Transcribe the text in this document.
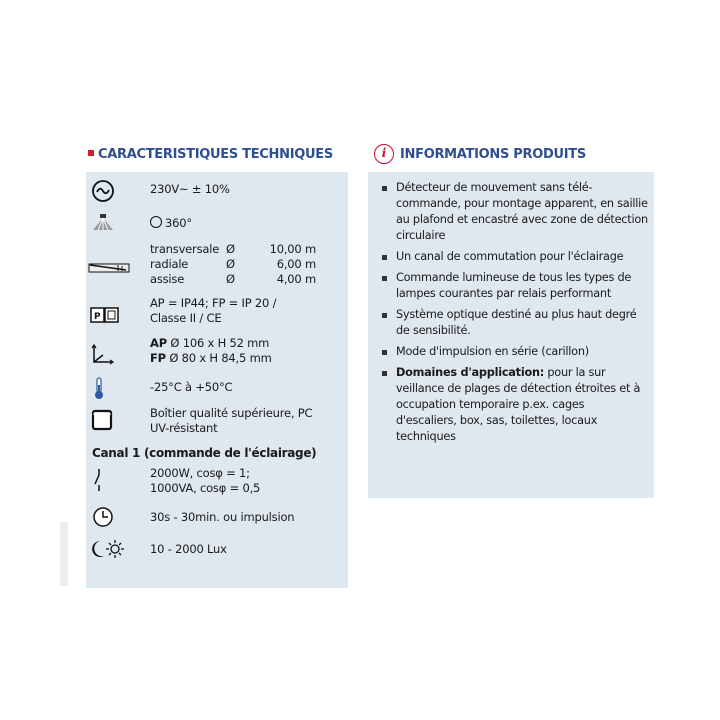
CARACTERISTIQUES TECHNIQUES	i	INFORMATIONS PRODUITS
230V~ ± 10%
360°
transversale Ø	10,00 m
radiale	Ø	6,00 m
assise	Ø	4,00 m
P
AP = IP44; FP = IP 20 /
Classe II / CE
AP Ø 106 x H 52 mm
FP Ø 80 x H 84,5 mm
-25°C à +50°C
Boîtier qualité supérieure, PC
UV-résistant
Canal 1 (commande de l'éclairage)
2000W, cosφ = 1;
1000VA, cosφ = 0,5
30s - 30min. ou impulsion
10 - 2000 Lux
Détecteur de mouvement sans télé- commande, pour montage apparent, en saillie au plafond et encastré avec zone de détection circulaire
Un canal de commutation pour l'éclairage
Commande lumineuse de tous les types de lampes courantes par relais performant
Système optique destiné au plus haut degré de sensibilité.
Mode d'impulsion en série (carillon)
Domaines d'application: pour la sur veillance de plages de détection étroites et à occupation temporaire p.ex. cages d'escaliers, box, sas, toilettes, locaux techniques
